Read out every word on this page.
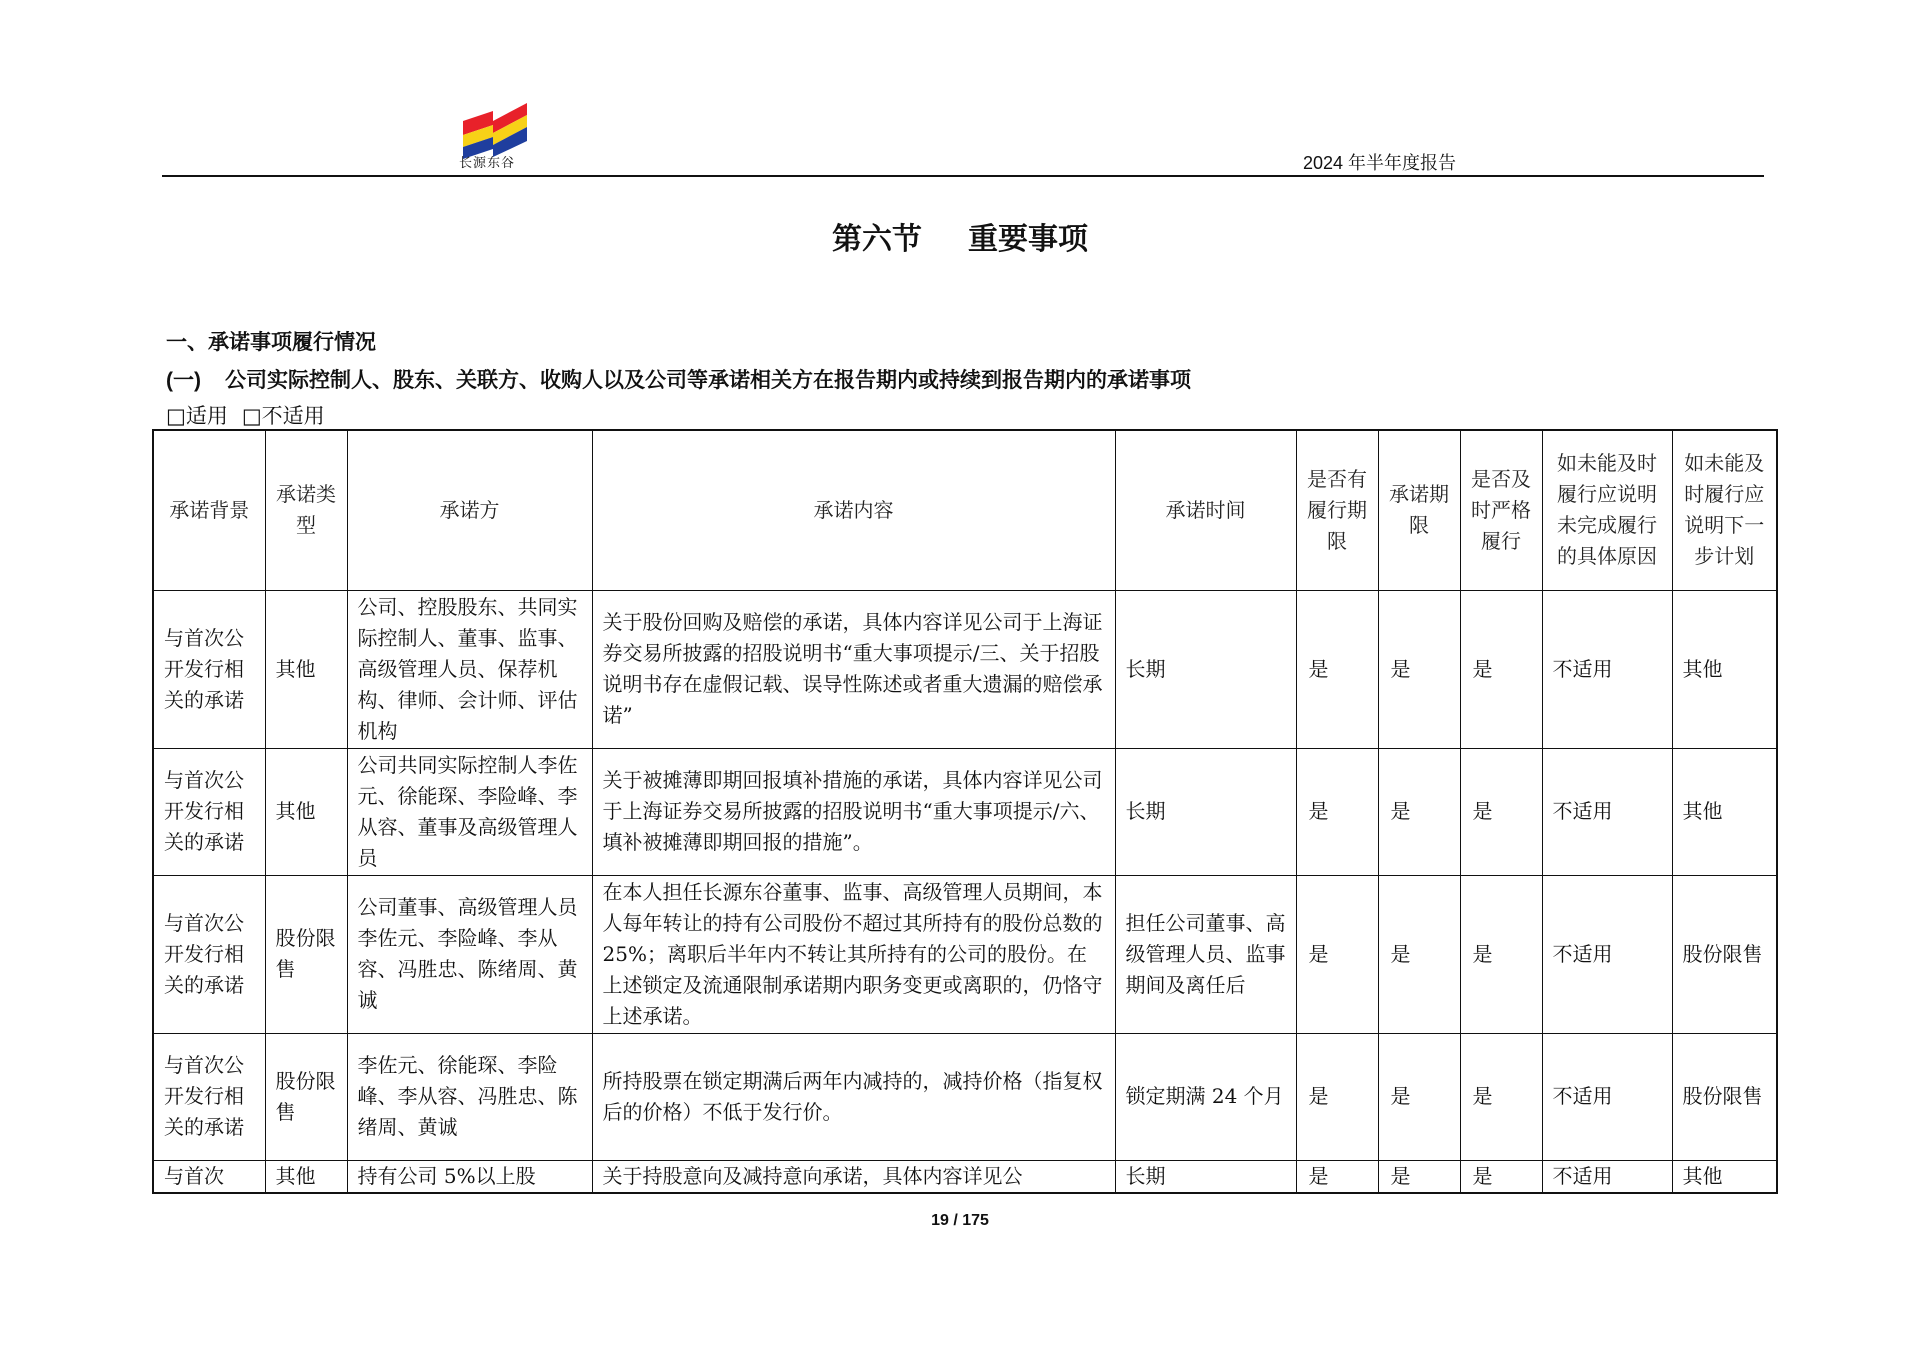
长源东谷	2024 年半年度报告
第六节 重要事项
一、承诺事项履行情况
(一) 公司实际控制人、股东、关联方、收购人以及公司等承诺相关方在报告期内或持续到报告期内的承诺事项
□适用 □不适用
承诺背景	承诺类型	承诺方	承诺内容	承诺时间	是否有履行期限	承诺期限	是否及时严格履行	如未能及时履行应说明未完成履行的具体原因	如未能及时履行应说明下一步计划
与首次公开发行相关的承诺	其他	公司、控股股东、共同实际控制人、董事、监事、高级管理人员、保荐机构、律师、会计师、评估机构	关于股份回购及赔偿的承诺，具体内容详见公司于上海证券交易所披露的招股说明书“重大事项提示/三、关于招股说明书存在虚假记载、误导性陈述或者重大遗漏的赔偿承诺”	长期	是	是	是	不适用	其他
与首次公开发行相关的承诺	其他	公司共同实际控制人李佐元、徐能琛、李险峰、李从容、董事及高级管理人员	关于被摊薄即期回报填补措施的承诺，具体内容详见公司于上海证券交易所披露的招股说明书“重大事项提示/六、填补被摊薄即期回报的措施”。	长期	是	是	是	不适用	其他
与首次公开发行相关的承诺	股份限售	公司董事、高级管理人员李佐元、李险峰、李从容、冯胜忠、陈绪周、黄诚	在本人担任长源东谷董事、监事、高级管理人员期间，本人每年转让的持有公司股份不超过其所持有的股份总数的 25%；离职后半年内不转让其所持有的公司的股份。在上述锁定及流通限制承诺期内职务变更或离职的，仍恪守上述承诺。	担任公司董事、高级管理人员、监事期间及离任后	是	是	是	不适用	股份限售
与首次公开发行相关的承诺	股份限售	李佐元、徐能琛、李险峰、李从容、冯胜忠、陈绪周、黄诚	所持股票在锁定期满后两年内减持的，减持价格（指复权后的价格）不低于发行价。	锁定期满 24 个月	是	是	是	不适用	股份限售
与首次	其他	持有公司 5%以上股	关于持股意向及减持意向承诺，具体内容详见公	长期	是	是	是	不适用	其他
19 / 175
